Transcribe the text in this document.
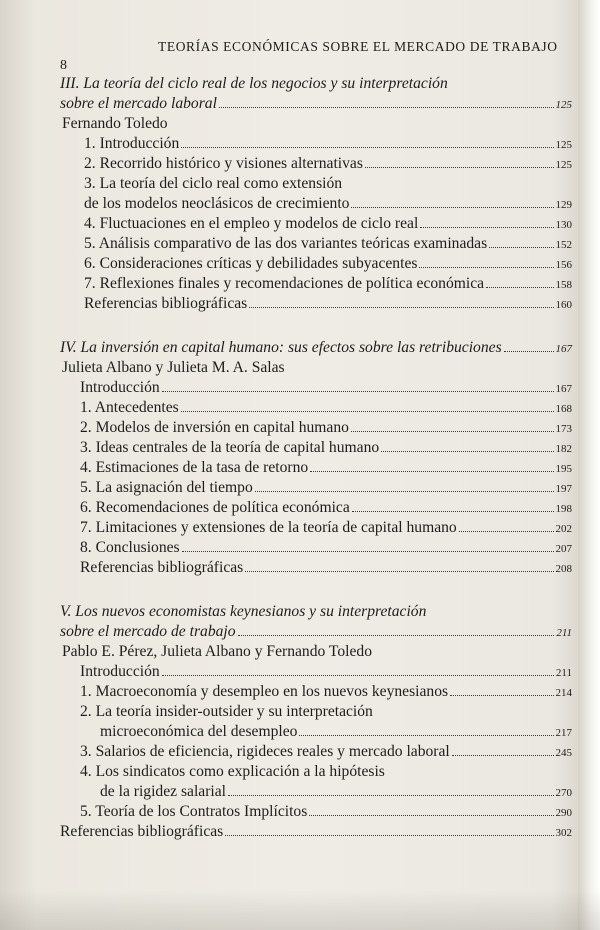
8
TEORÍAS ECONÓMICAS SOBRE EL MERCADO DE TRABAJO
III. La teoría del ciclo real de los negocios y su interpretación
sobre el mercado laboral	125
Fernando Toledo
1. Introducción	125
2. Recorrido histórico y visiones alternativas	125
3. La teoría del ciclo real como extensión
de los modelos neoclásicos de crecimiento	129
4. Fluctuaciones en el empleo y modelos de ciclo real	130
5. Análisis comparativo de las dos variantes teóricas examinadas	152
6. Consideraciones críticas y debilidades subyacentes	156
7. Reflexiones finales y recomendaciones de política económica	158
Referencias bibliográficas	160
IV. La inversión en capital humano: sus efectos sobre las retribuciones	167
Julieta Albano y Julieta M. A. Salas
Introducción	167
1. Antecedentes	168
2. Modelos de inversión en capital humano	173
3. Ideas centrales de la teoría de capital humano	182
4. Estimaciones de la tasa de retorno	195
5. La asignación del tiempo	197
6. Recomendaciones de política económica	198
7. Limitaciones y extensiones de la teoría de capital humano	202
8. Conclusiones	207
Referencias bibliográficas	208
V. Los nuevos economistas keynesianos y su interpretación
sobre el mercado de trabajo	211
Pablo E. Pérez, Julieta Albano y Fernando Toledo
Introducción	211
1. Macroeconomía y desempleo en los nuevos keynesianos	214
2. La teoría insider-outsider y su interpretación
microeconómica del desempleo	217
3. Salarios de eficiencia, rigideces reales y mercado laboral	245
4. Los sindicatos como explicación a la hipótesis
de la rigidez salarial	270
5. Teoría de los Contratos Implícitos	290
Referencias bibliográficas	302
